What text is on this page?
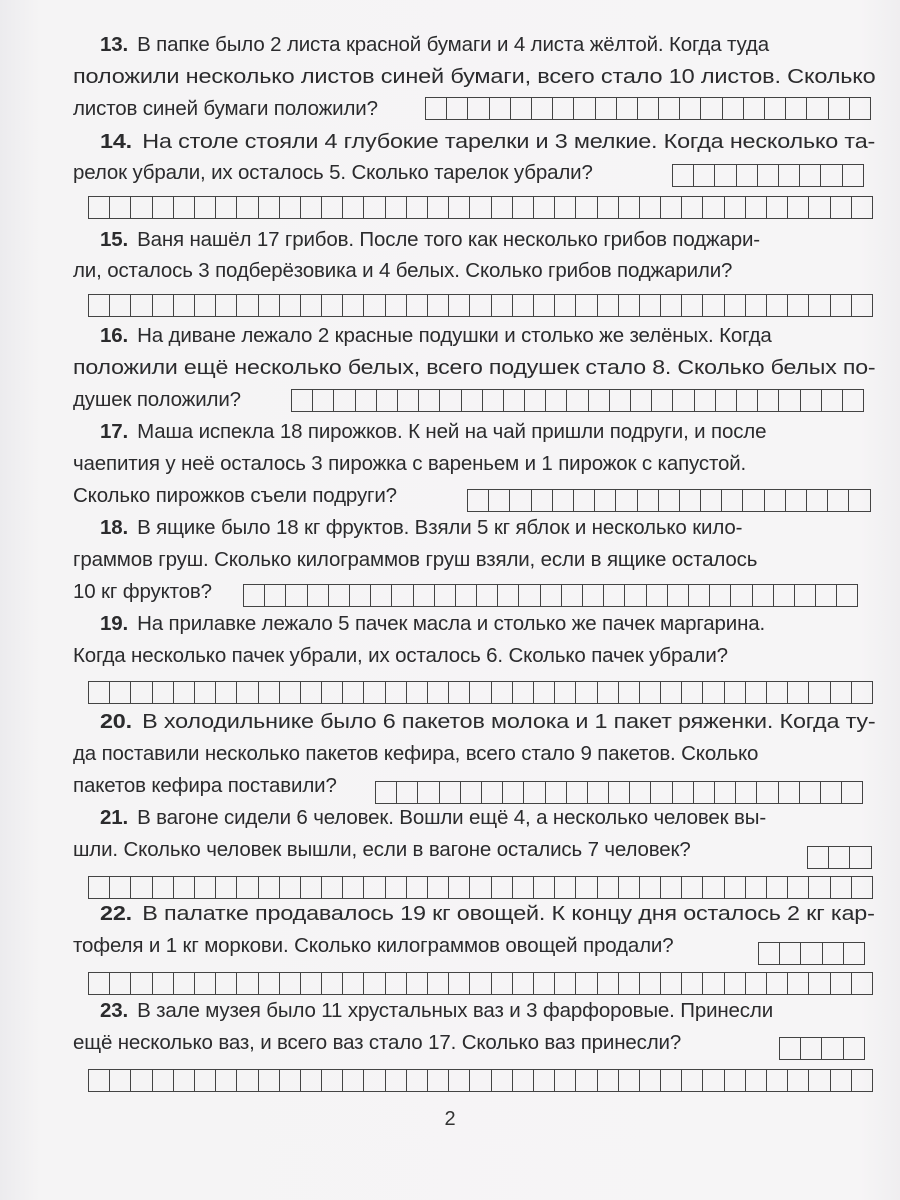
13. В папке было 2 листа красной бумаги и 4 листа жёлтой. Когда туда
положили несколько листов синей бумаги, всего стало 10 листов. Сколько
листов синей бумаги положили?
14. На столе стояли 4 глубокие тарелки и 3 мелкие. Когда несколько та-
релок убрали, их осталось 5. Сколько тарелок убрали?
15. Ваня нашёл 17 грибов. После того как несколько грибов поджари-
ли, осталось 3 подберёзовика и 4 белых. Сколько грибов поджарили?
16. На диване лежало 2 красные подушки и столько же зелёных. Когда
положили ещё несколько белых, всего подушек стало 8. Сколько белых по-
душек положили?
17. Маша испекла 18 пирожков. К ней на чай пришли подруги, и после
чаепития у неё осталось 3 пирожка с вареньем и 1 пирожок с капустой.
Сколько пирожков съели подруги?
18. В ящике было 18 кг фруктов. Взяли 5 кг яблок и несколько кило-
граммов груш. Сколько килограммов груш взяли, если в ящике осталось
10 кг фруктов?
19. На прилавке лежало 5 пачек масла и столько же пачек маргарина.
Когда несколько пачек убрали, их осталось 6. Сколько пачек убрали?
20. В холодильнике было 6 пакетов молока и 1 пакет ряженки. Когда ту-
да поставили несколько пакетов кефира, всего стало 9 пакетов. Сколько
пакетов кефира поставили?
21. В вагоне сидели 6 человек. Вошли ещё 4, а несколько человек вы-
шли. Сколько человек вышли, если в вагоне остались 7 человек?
22. В палатке продавалось 19 кг овощей. К концу дня осталось 2 кг кар-
тофеля и 1 кг моркови. Сколько килограммов овощей продали?
23. В зале музея было 11 хрустальных ваз и 3 фарфоровые. Принесли
ещё несколько ваз, и всего ваз стало 17. Сколько ваз принесли?
2
